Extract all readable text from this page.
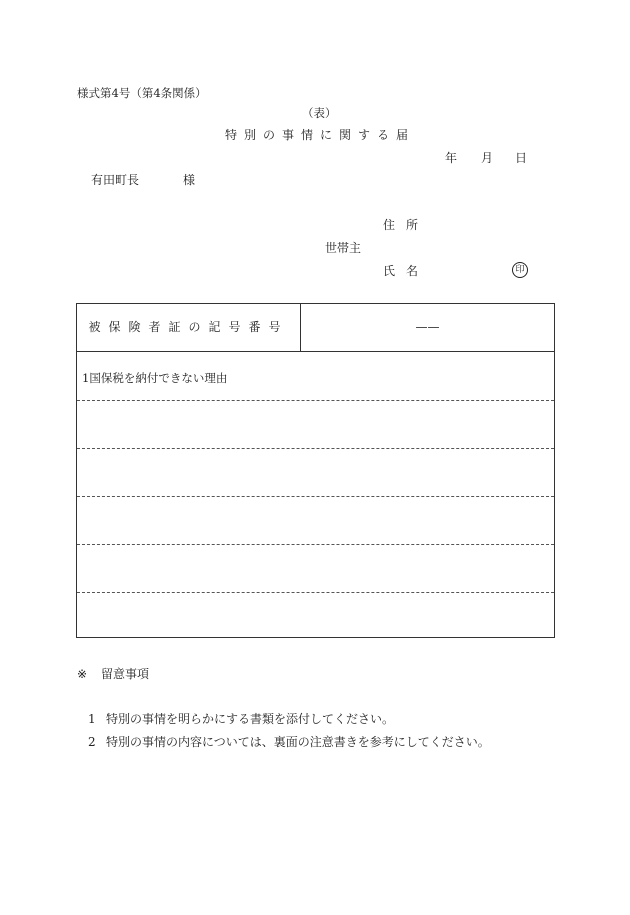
様式第4号（第4条関係）
（表）
特別の事情に関する届
年 月 日
有田町長	様
住所
世帯主
氏名	印
被保険者証の記号番号	——
1国保税を納付できない理由
※ 留意事項
1 特別の事情を明らかにする書類を添付してください。
2 特別の事情の内容については、裏面の注意書きを参考にしてください。
